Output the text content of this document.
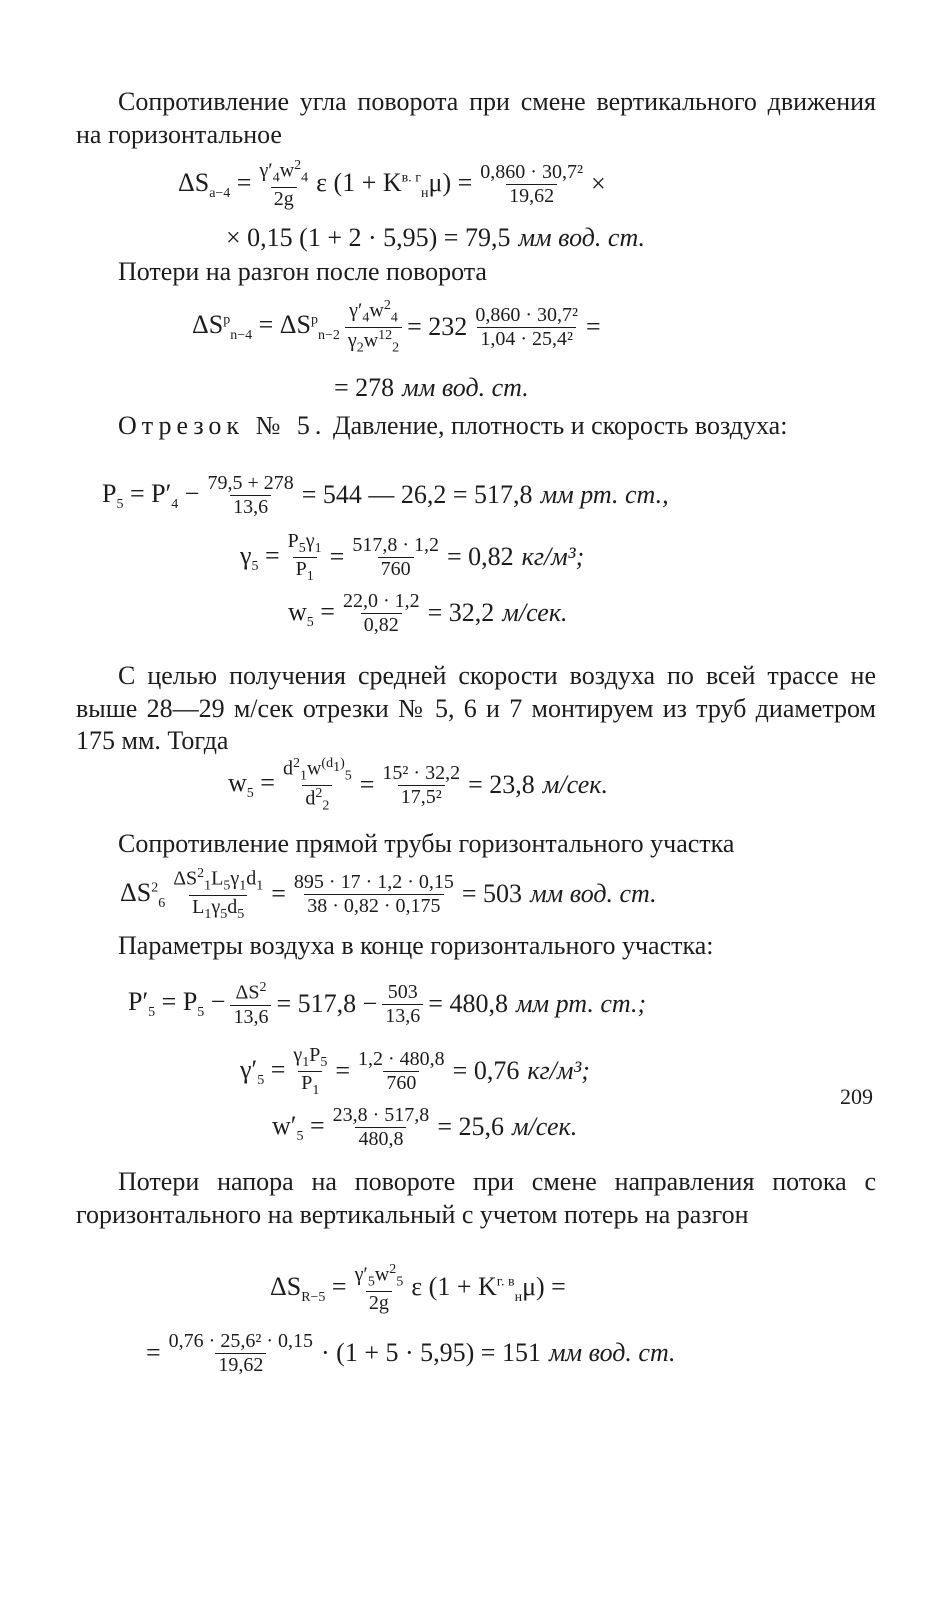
Сопротивление угла поворота при смене вертикального движения на горизонтальное
$\Delta S_{a-4} = \frac{\gamma'_4w^2_4}{2g}$ ε $(1 + K^{в. г}_н\mu) = \frac{\text{0,860 · 30,7²}}{19,62}$ ×
× 0,15 (1 + 2 · 5,95) = 79,5 мм вод. ст.
Потери на разгон после поворота
$\Delta S^р_{n-4} = \Delta S^р_{n-2} \frac{\gamma'_4w^2_4}{\gamma_2w^{12}_2} = 232 \frac{\text{0,860 · 30,7²}}{\text{1,04 · 25,4²}}$ =
= 278 мм вод. ст.
Отрезок № 5. Давление, плотность и скорость воздуха:
$P_5 = P'_4 - \frac{79,5 + 278}{13,6} = 544$ — 26,2 = 517,8 мм рт. ст.,
$\gamma_5 = \frac{P_5\gamma_1}{P_1} = \frac{517,8 \cdot 1,2}{760} = 0,82$ кг/м³;
$w_5 = \frac{22,0 \cdot 1,2}{0,82} = 32,2$ м/сек.
С целью получения средней скорости воздуха по всей трассе не выше 28—29 м/сек отрезки № 5, 6 и 7 монтируем из труб диаметром 175 мм. Тогда
$w_5 = \frac{d^2_1w^{(d_1)}_5}{d^2_2} = \frac{\text{15² · 32,2}}{\text{17,5²}} = 23,8$ м/сек.
Сопротивление прямой трубы горизонтального участка
$\Delta S^2_6 \frac{\Delta S^2_1L_5\gamma_1d_1}{L_1\gamma_5d_5} = \frac{895 \cdot 17 \cdot 1,2 \cdot 0,15}{38 \cdot 0,82 \cdot 0,175} = 503$ мм вод. ст.
Параметры воздуха в конце горизонтального участка:
$P'_5 = P_5 - \frac{\Delta S^2}{13,6} = 517,8 - \frac{503}{13,6} = 480,8$ мм рт. ст.;
$\gamma'_5 = \frac{\gamma_1P_5}{P_1} = \frac{1,2 \cdot 480,8}{760} = 0,76$ кг/м³;
$w'_5 = \frac{23,8 \cdot 517,8}{480,8} = 25,6$ м/сек.
Потери напора на повороте при смене направления потока с горизонтального на вертикальный с учетом потерь на разгон
$\Delta S_{R-5} = \frac{\gamma'_5w^2_5}{2g}$ ε $(1 + K^{г. в}_н\mu)$ =
= $\frac{\text{0,76 · 25,6² · 0,15}}{19,62} \cdot (1 + 5 \cdot 5,95) = 151$ мм вод. ст.
209
